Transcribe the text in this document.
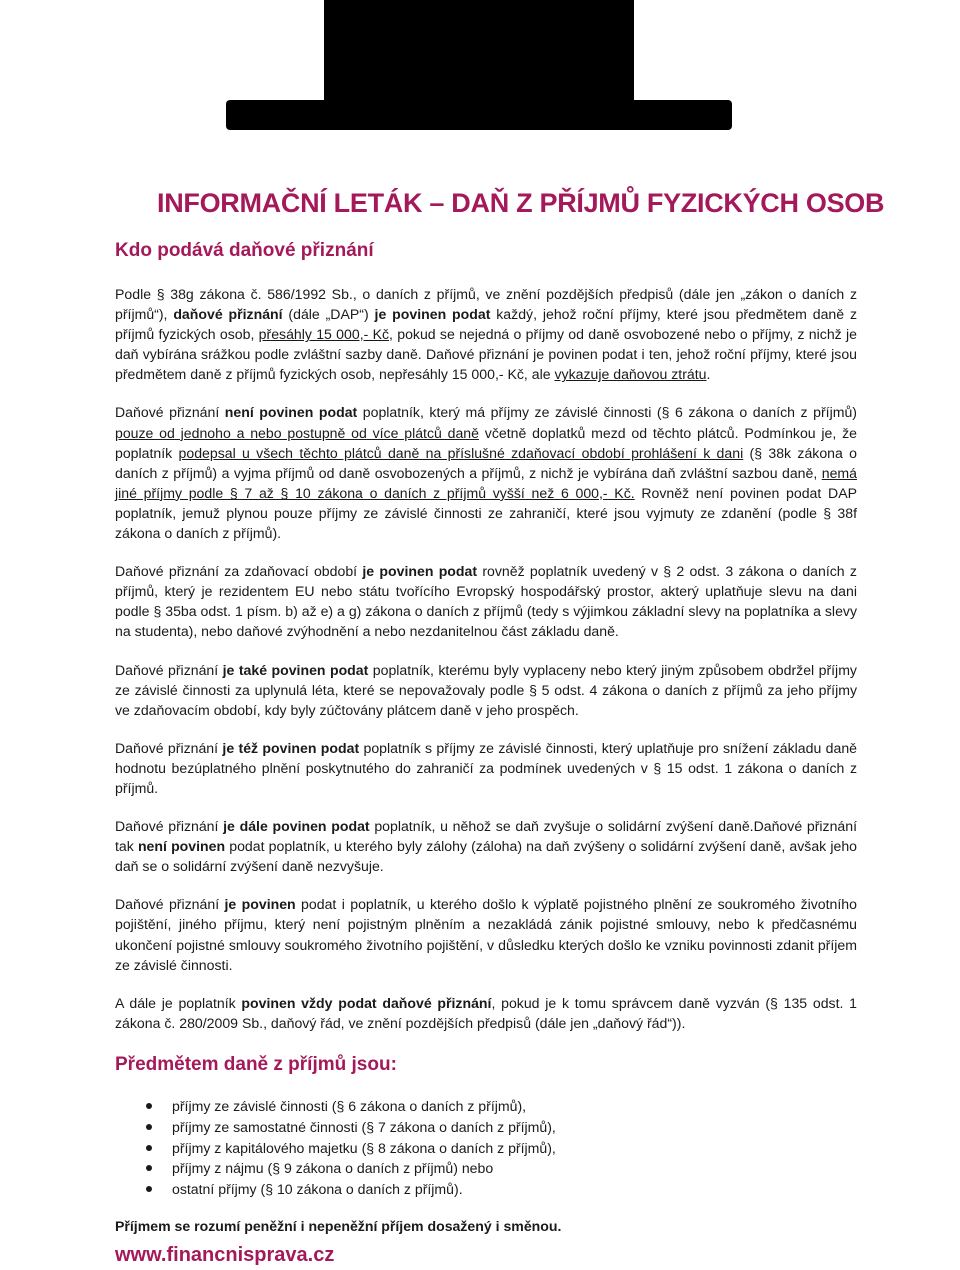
INFORMAČNÍ LETÁK – DAŇ Z PŘÍJMŮ FYZICKÝCH OSOB
Kdo podává daňové přiznání

Podle § 38g zákona č. 586/1992 Sb., o daních z příjmů, ve znění pozdějších předpisů (dále jen „zákon o daních z příjmů“), daňové přiznání (dále „DAP“) je povinen podat každý, jehož roční příjmy, které jsou předmětem daně z příjmů fyzických osob, přesáhly 15 000,- Kč, pokud se nejedná o příjmy od daně osvobozené nebo o příjmy, z nichž je daň vybírána srážkou podle zvláštní sazby daně. Daňové přiznání je povinen podat i ten, jehož roční příjmy, které jsou předmětem daně z příjmů fyzických osob, nepřesáhly 15 000,- Kč, ale vykazuje daňovou ztrátu.

Daňové přiznání není povinen podat poplatník, který má příjmy ze závislé činnosti (§ 6 zákona o daních z příjmů) pouze od jednoho a nebo postupně od více plátců daně včetně doplatků mezd od těchto plátců. Podmínkou je, že poplatník podepsal u všech těchto plátců daně na příslušné zdaňovací období prohlášení k dani (§ 38k zákona o daních z příjmů) a vyjma příjmů od daně osvobozených a příjmů, z nichž je vybírána daň zvláštní sazbou daně, nemá jiné příjmy podle § 7 až § 10 zákona o daních z příjmů vyšší než 6 000,- Kč. Rovněž není povinen podat DAP poplatník, jemuž plynou pouze příjmy ze závislé činnosti ze zahraničí, které jsou vyjmuty ze zdanění (podle § 38f zákona o daních z příjmů).

Daňové přiznání za zdaňovací období je povinen podat rovněž poplatník uvedený v § 2 odst. 3 zákona o daních z příjmů, který je rezidentem EU nebo státu tvořícího Evropský hospodářský prostor, akterý uplatňuje slevu na dani podle § 35ba odst. 1 písm. b) až e) a g) zákona o daních z příjmů (tedy s výjimkou základní slevy na poplatníka a slevy na studenta), nebo daňové zvýhodnění a nebo nezdanitelnou část základu daně.

Daňové přiznání je také povinen podat poplatník, kterému byly vyplaceny nebo který jiným způsobem obdržel příjmy ze závislé činnosti za uplynulá léta, které se nepovažovaly podle § 5 odst. 4 zákona o daních z příjmů za jeho příjmy ve zdaňovacím období, kdy byly zúčtovány plátcem daně v jeho prospěch.

Daňové přiznání je též povinen podat poplatník s příjmy ze závislé činnosti, který uplatňuje pro snížení základu daně hodnotu bezúplatného plnění poskytnutého do zahraničí za podmínek uvedených v § 15 odst. 1 zákona o daních z příjmů.

Daňové přiznání je dále povinen podat poplatník, u něhož se daň zvyšuje o solidární zvýšení daně.Daňové přiznání tak není povinen podat poplatník, u kterého byly zálohy (záloha) na daň zvýšeny o solidární zvýšení daně, avšak jeho daň se o solidární zvýšení daně nezvyšuje.

Daňové přiznání je povinen podat i poplatník, u kterého došlo k výplatě pojistného plnění ze soukromého životního pojištění, jiného příjmu, který není pojistným plněním a nezakládá zánik pojistné smlouvy, nebo k předčasnému ukončení pojistné smlouvy soukromého životního pojištění, v důsledku kterých došlo ke vzniku povinnosti zdanit příjem ze závislé činnosti.

A dále je poplatník povinen vždy podat daňové přiznání, pokud je k tomu správcem daně vyzván (§ 135 odst. 1 zákona č. 280/2009 Sb., daňový řád, ve znění pozdějších předpisů (dále jen „daňový řád“)).

Předmětem daně z příjmů jsou:
příjmy ze závislé činnosti (§ 6 zákona o daních z příjmů),
příjmy ze samostatné činnosti (§ 7 zákona o daních z příjmů),
příjmy z kapitálového majetku (§ 8 zákona o daních z příjmů),
příjmy z nájmu (§ 9 zákona o daních z příjmů) nebo
ostatní příjmy (§ 10 zákona o daních z příjmů).

Příjmem se rozumí peněžní i nepeněžní příjem dosažený i směnou.

www.financnisprava.cz
